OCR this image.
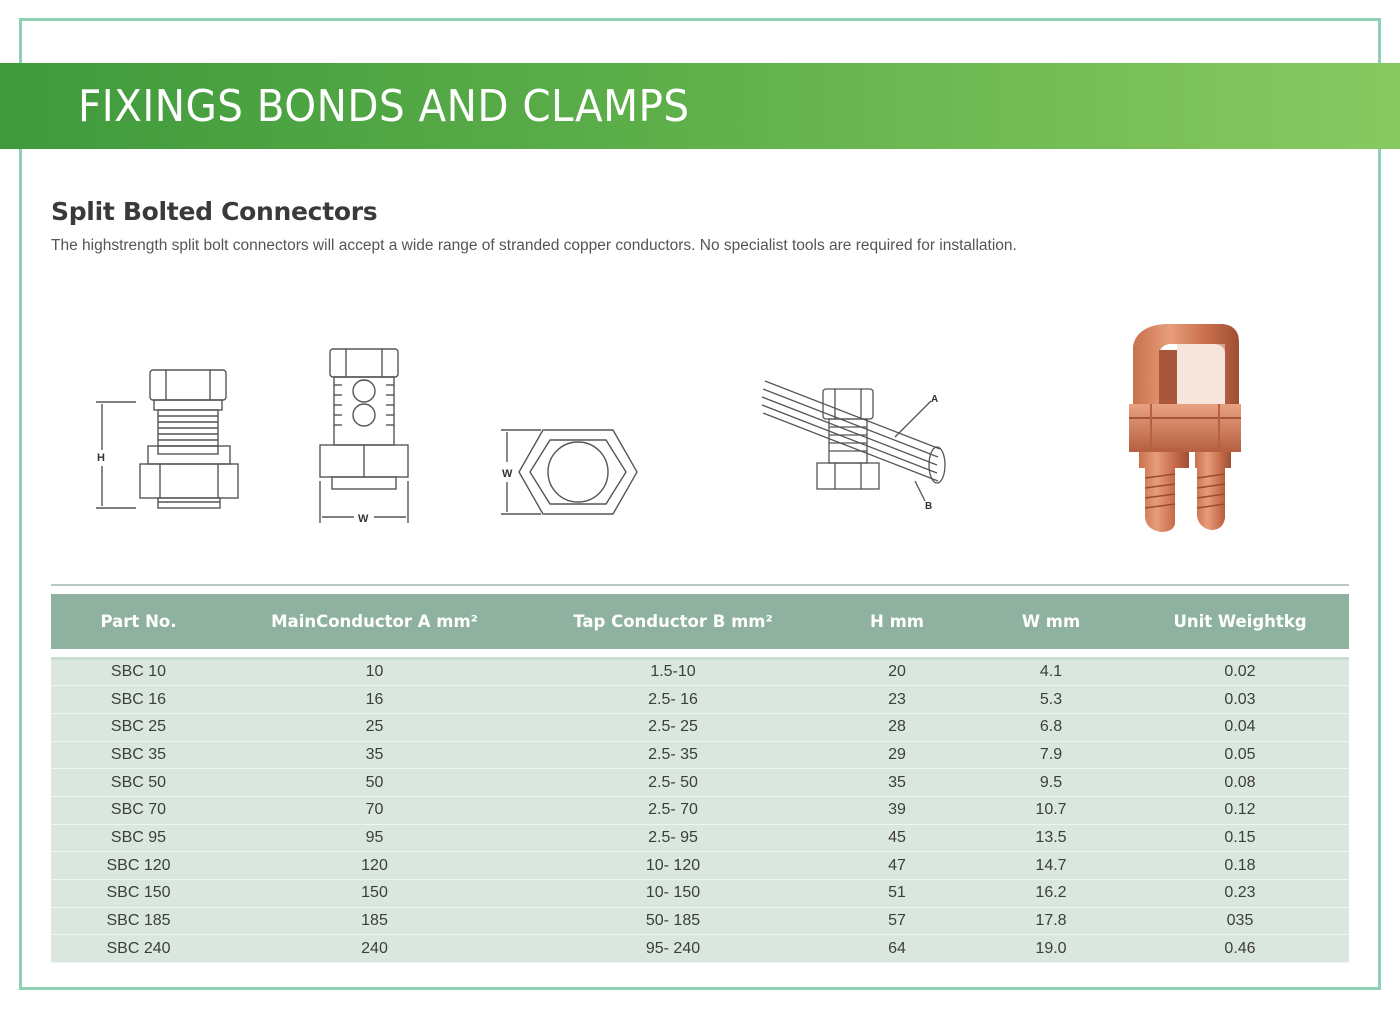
FIXINGS BONDS AND CLAMPS
Split Bolted Connectors

The highstrength split bolt connectors will accept a wide range of stranded copper conductors. No specialist tools are required for installation.

H
W
W
A
B
Part No.	MainConductor A mm²	Tap Conductor B mm²	H mm	W mm	Unit Weightkg

SBC 10	10	1.5-10	20	4.1	0.02
SBC 16	16	2.5- 16	23	5.3	0.03
SBC 25	25	2.5- 25	28	6.8	0.04
SBC 35	35	2.5- 35	29	7.9	0.05
SBC 50	50	2.5- 50	35	9.5	0.08
SBC 70	70	2.5- 70	39	10.7	0.12
SBC 95	95	2.5- 95	45	13.5	0.15
SBC 120	120	10- 120	47	14.7	0.18
SBC 150	150	10- 150	51	16.2	0.23
SBC 185	185	50- 185	57	17.8	035
SBC 240	240	95- 240	64	19.0	0.46
